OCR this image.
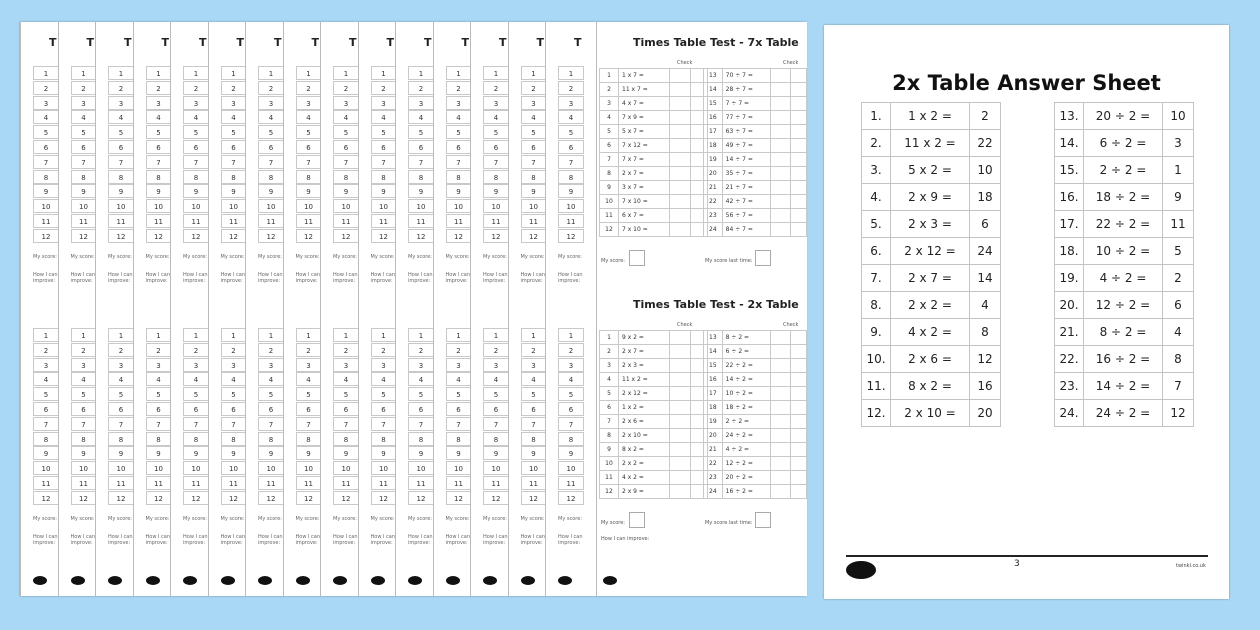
T
1
2
3
4
5
6
7
8
9
10
11
12
My score:
How I can improve:
T
1
2
3
4
5
6
7
8
9
10
11
12
My score:
How I can improve:
T
1
2
3
4
5
6
7
8
9
10
11
12
My score:
How I can improve:
T
1
2
3
4
5
6
7
8
9
10
11
12
My score:
How I can improve:
T
1
2
3
4
5
6
7
8
9
10
11
12
My score:
How I can improve:
T
1
2
3
4
5
6
7
8
9
10
11
12
My score:
How I can improve:
T
1
2
3
4
5
6
7
8
9
10
11
12
My score:
How I can improve:
T
1
2
3
4
5
6
7
8
9
10
11
12
My score:
How I can improve:
T
1
2
3
4
5
6
7
8
9
10
11
12
My score:
How I can improve:
T
1
2
3
4
5
6
7
8
9
10
11
12
My score:
How I can improve:
T
1
2
3
4
5
6
7
8
9
10
11
12
My score:
How I can improve:
T
1
2
3
4
5
6
7
8
9
10
11
12
My score:
How I can improve:
T
1
2
3
4
5
6
7
8
9
10
11
12
My score:
How I can improve:
T
1
2
3
4
5
6
7
8
9
10
11
12
My score:
How I can improve:
T
1
2
3
4
5
6
7
8
9
10
11
12
My score:
How I can improve:
1
2
3
4
5
6
7
8
9
10
11
12
My score:
How I can improve:
1
2
3
4
5
6
7
8
9
10
11
12
My score:
How I can improve:
1
2
3
4
5
6
7
8
9
10
11
12
My score:
How I can improve:
1
2
3
4
5
6
7
8
9
10
11
12
My score:
How I can improve:
1
2
3
4
5
6
7
8
9
10
11
12
My score:
How I can improve:
1
2
3
4
5
6
7
8
9
10
11
12
My score:
How I can improve:
1
2
3
4
5
6
7
8
9
10
11
12
My score:
How I can improve:
1
2
3
4
5
6
7
8
9
10
11
12
My score:
How I can improve:
1
2
3
4
5
6
7
8
9
10
11
12
My score:
How I can improve:
1
2
3
4
5
6
7
8
9
10
11
12
My score:
How I can improve:
1
2
3
4
5
6
7
8
9
10
11
12
My score:
How I can improve:
1
2
3
4
5
6
7
8
9
10
11
12
My score:
How I can improve:
1
2
3
4
5
6
7
8
9
10
11
12
My score:
How I can improve:
1
2
3
4
5
6
7
8
9
10
11
12
My score:
How I can improve:
1
2
3
4
5
6
7
8
9
10
11
12
My score:
How I can improve:
Times Table Test - 7x Table
Check	Check
1	1 x 7 =		
2	11 x 7 =		
3	4 x 7 =		
4	7 x 9 =		
5	5 x 7 =		
6	7 x 12 =		
7	7 x 7 =		
8	2 x 7 =		
9	3 x 7 =		
10	7 x 10 =		
11	6 x 7 =		
12	7 x 10 =		
13	70 ÷ 7 =		
14	28 ÷ 7 =		
15	7 ÷ 7 =		
16	77 ÷ 7 =		
17	63 ÷ 7 =		
18	49 ÷ 7 =		
19	14 ÷ 7 =		
20	35 ÷ 7 =		
21	21 ÷ 7 =		
22	42 ÷ 7 =		
23	56 ÷ 7 =		
24	84 ÷ 7 =		
My score:	My score last time:
Times Table Test - 2x Table
Check	Check
1	9 x 2 =		
2	2 x 7 =		
3	2 x 3 =		
4	11 x 2 =		
5	2 x 12 =		
6	1 x 2 =		
7	2 x 6 =		
8	2 x 10 =		
9	8 x 2 =		
10	2 x 2 =		
11	4 x 2 =		
12	2 x 9 =		
13	8 ÷ 2 =		
14	6 ÷ 2 =		
15	22 ÷ 2 =		
16	14 ÷ 2 =		
17	10 ÷ 2 =		
18	18 ÷ 2 =		
19	2 ÷ 2 =		
20	24 ÷ 2 =		
21	4 ÷ 2 =		
22	12 ÷ 2 =		
23	20 ÷ 2 =		
24	16 ÷ 2 =		
My score:	My score last time:
How I can improve:
2x Table Answer Sheet
1.	1 x 2 =	2
2.	11 x 2 =	22
3.	5 x 2 =	10
4.	2 x 9 =	18
5.	2 x 3 =	6
6.	2 x 12 =	24
7.	2 x 7 =	14
8.	2 x 2 =	4
9.	4 x 2 =	8
10.	2 x 6 =	12
11.	8 x 2 =	16
12.	2 x 10 =	20
13.	20 ÷ 2 =	10
14.	6 ÷ 2 =	3
15.	2 ÷ 2 =	1
16.	18 ÷ 2 =	9
17.	22 ÷ 2 =	11
18.	10 ÷ 2 =	5
19.	4 ÷ 2 =	2
20.	12 ÷ 2 =	6
21.	8 ÷ 2 =	4
22.	16 ÷ 2 =	8
23.	14 ÷ 2 =	7
24.	24 ÷ 2 =	12
3	twinkl.co.uk
